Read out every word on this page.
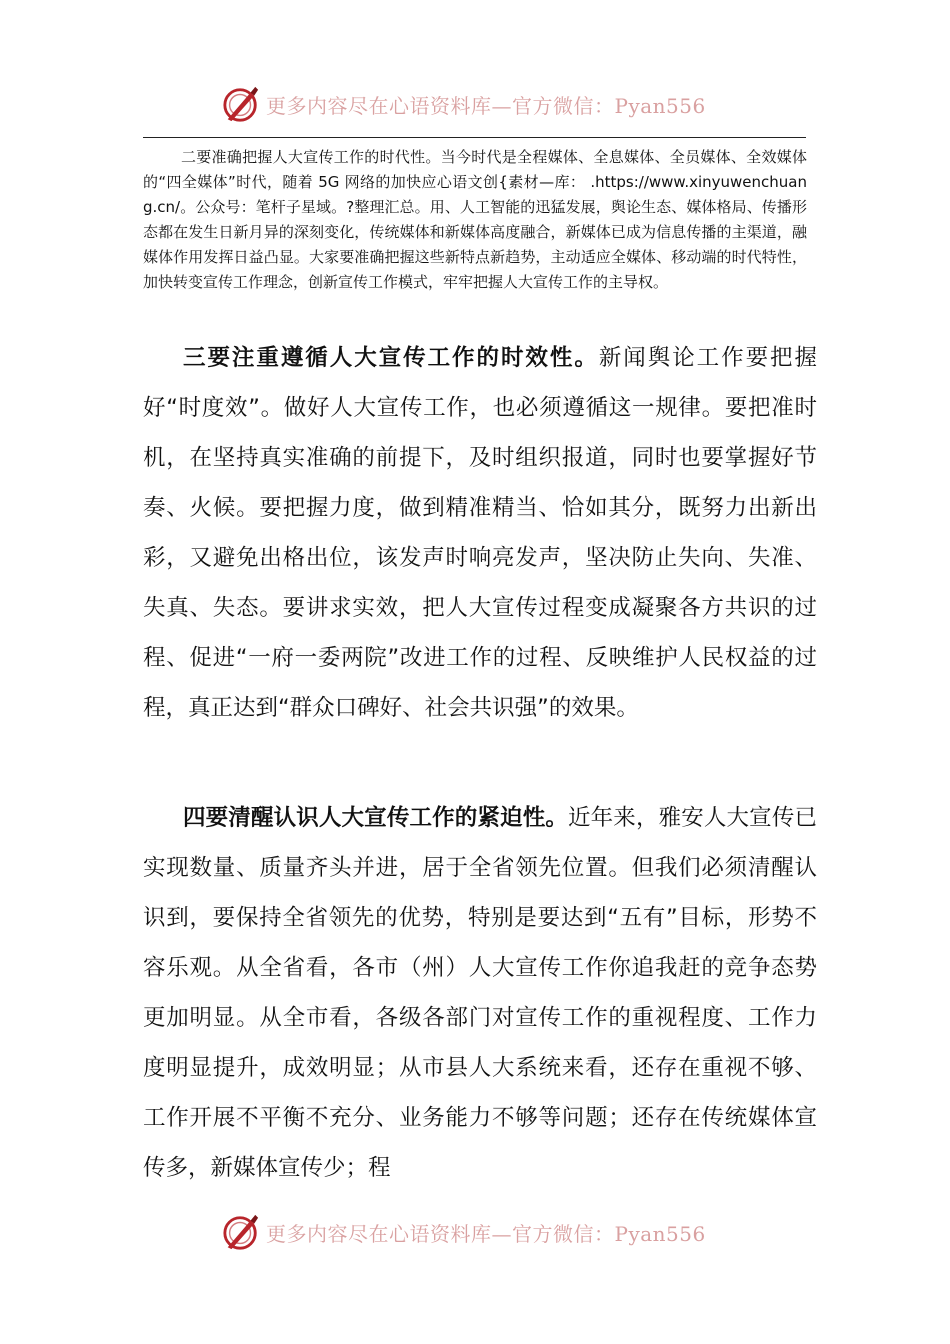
更多内容尽在心语资料库—官方微信：Pyan556

二要准确把握人大宣传工作的时代性。当今时代是全程媒体、全息媒体、全员媒体、全效媒体的“四全媒体”时代，随着 5G 网络的加快应心语文创{素材—库： .https://www.xinyuwenchuang.cn/。公众号：笔杆子星域。?整理汇总。用、人工智能的迅猛发展，舆论生态、媒体格局、传播形态都在发生日新月异的深刻变化，传统媒体和新媒体高度融合，新媒体已成为信息传播的主渠道，融媒体作用发挥日益凸显。大家要准确把握这些新特点新趋势，主动适应全媒体、移动端的时代特性，加快转变宣传工作理念，创新宣传工作模式，牢牢把握人大宣传工作的主导权。

三要注重遵循人大宣传工作的时效性。新闻舆论工作要把握好“时度效”。做好人大宣传工作，也必须遵循这一规律。要把准时机，在坚持真实准确的前提下，及时组织报道，同时也要掌握好节奏、火候。要把握力度，做到精准精当、恰如其分，既努力出新出彩，又避免出格出位，该发声时响亮发声，坚决防止失向、失准、失真、失态。要讲求实效，把人大宣传过程变成凝聚各方共识的过程、促进“一府一委两院”改进工作的过程、反映维护人民权益的过程，真正达到“群众口碑好、社会共识强”的效果。

四要清醒认识人大宣传工作的紧迫性。近年来，雅安人大宣传已实现数量、质量齐头并进，居于全省领先位置。但我们必须清醒认识到，要保持全省领先的优势，特别是要达到“五有”目标，形势不容乐观。从全省看，各市（州）人大宣传工作你追我赶的竞争态势更加明显。从全市看，各级各部门对宣传工作的重视程度、工作力度明显提升，成效明显；从市县人大系统来看，还存在重视不够、工作开展不平衡不充分、业务能力不够等问题；还存在传统媒体宣传多，新媒体宣传少；程

更多内容尽在心语资料库—官方微信：Pyan556
